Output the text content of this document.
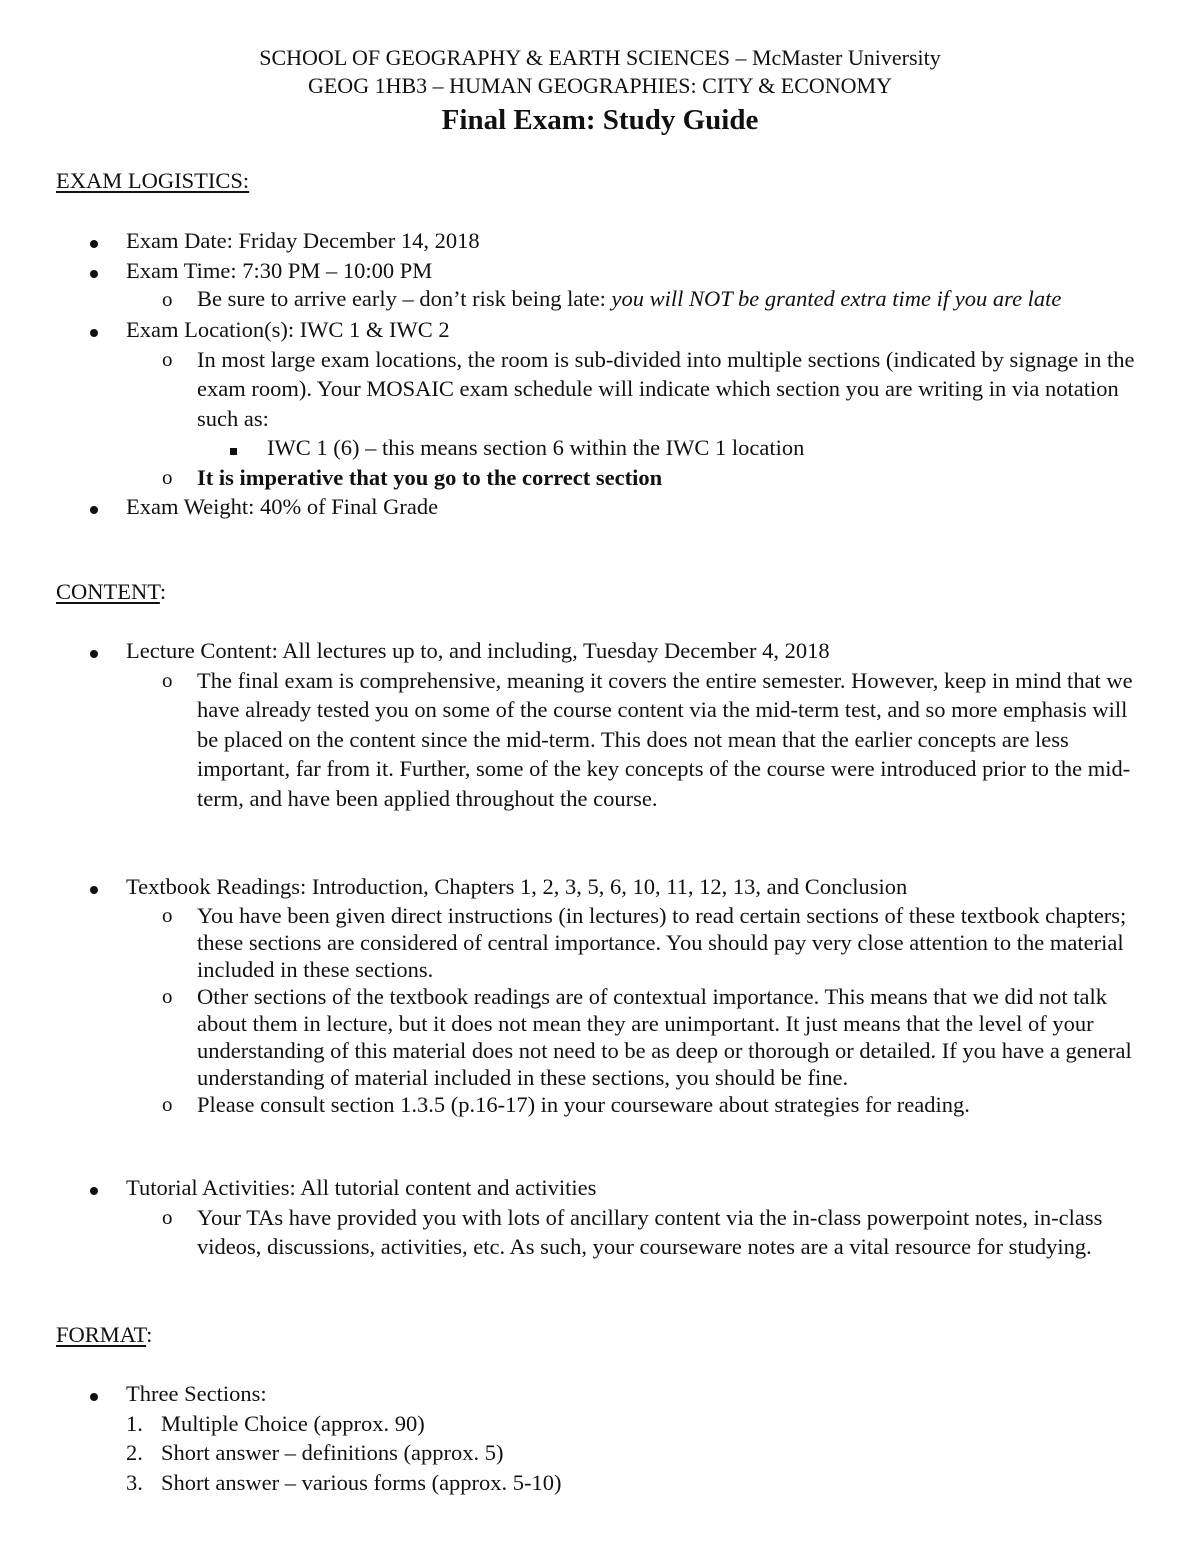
SCHOOL OF GEOGRAPHY & EARTH SCIENCES – McMaster University
GEOG 1HB3 – HUMAN GEOGRAPHIES: CITY & ECONOMY
Final Exam: Study Guide
EXAM LOGISTICS:
Exam Date: Friday December 14, 2018
Exam Time: 7:30 PM – 10:00 PM
o Be sure to arrive early – don’t risk being late: you will NOT be granted extra time if you are late
Exam Location(s): IWC 1 & IWC 2
o In most large exam locations, the room is sub-divided into multiple sections (indicated by signage in the exam room). Your MOSAIC exam schedule will indicate which section you are writing in via notation such as:
IWC 1 (6) – this means section 6 within the IWC 1 location
o It is imperative that you go to the correct section
Exam Weight: 40% of Final Grade
CONTENT:
Lecture Content: All lectures up to, and including, Tuesday December 4, 2018
o The final exam is comprehensive, meaning it covers the entire semester. However, keep in mind that we have already tested you on some of the course content via the mid-term test, and so more emphasis will be placed on the content since the mid-term. This does not mean that the earlier concepts are less important, far from it. Further, some of the key concepts of the course were introduced prior to the mid-term, and have been applied throughout the course.
Textbook Readings: Introduction, Chapters 1, 2, 3, 5, 6, 10, 11, 12, 13, and Conclusion
o You have been given direct instructions (in lectures) to read certain sections of these textbook chapters; these sections are considered of central importance. You should pay very close attention to the material included in these sections.
o Other sections of the textbook readings are of contextual importance. This means that we did not talk about them in lecture, but it does not mean they are unimportant. It just means that the level of your understanding of this material does not need to be as deep or thorough or detailed. If you have a general understanding of material included in these sections, you should be fine.
o Please consult section 1.3.5 (p.16-17) in your courseware about strategies for reading.
Tutorial Activities: All tutorial content and activities
o Your TAs have provided you with lots of ancillary content via the in-class powerpoint notes, in-class videos, discussions, activities, etc. As such, your courseware notes are a vital resource for studying.
FORMAT:
Three Sections:
1. Multiple Choice (approx. 90)
2. Short answer – definitions (approx. 5)
3. Short answer – various forms (approx. 5-10)
